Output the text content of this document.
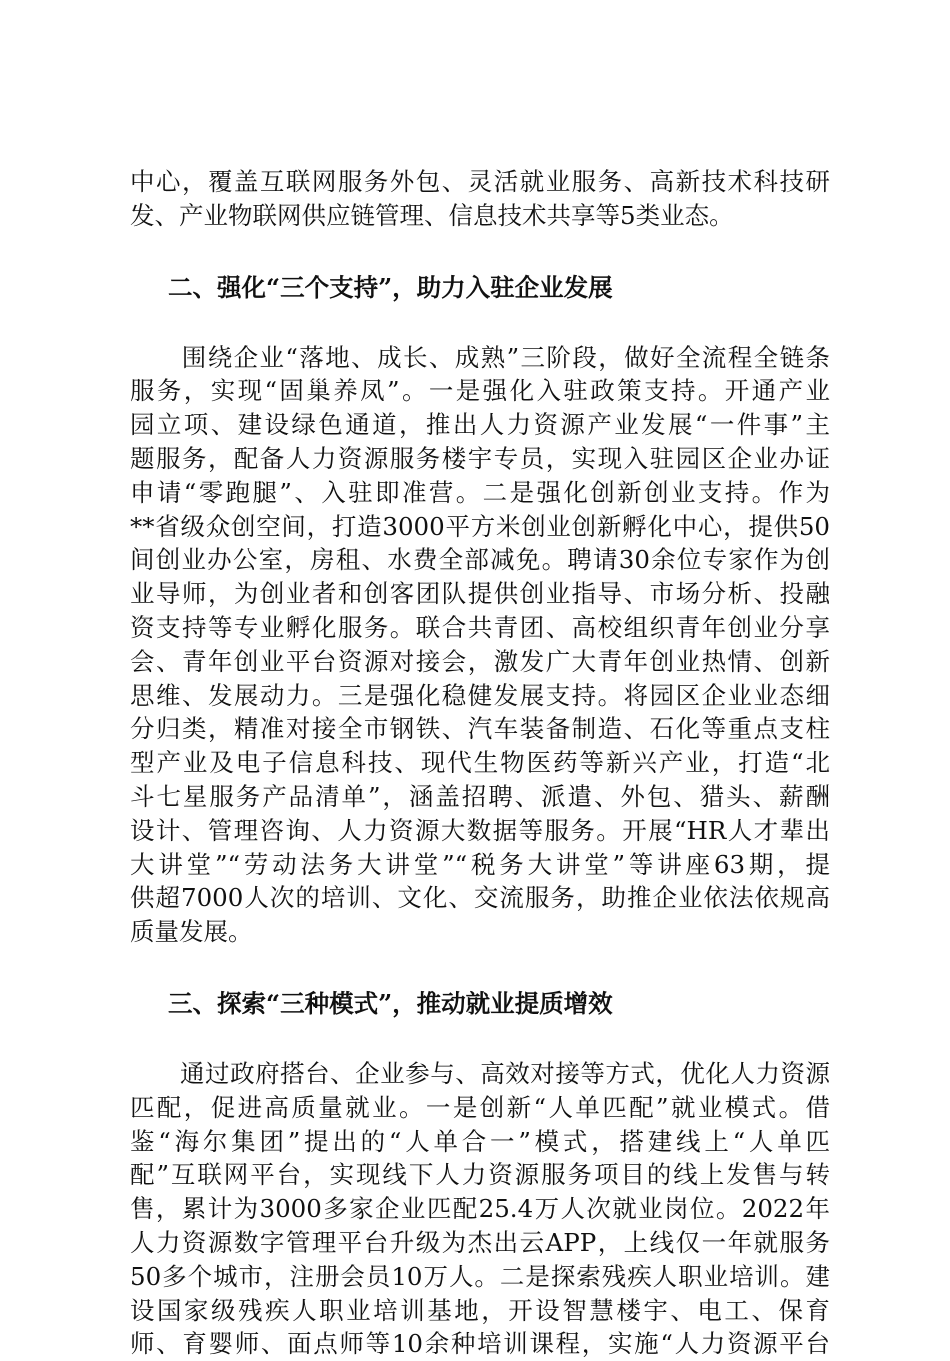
中心，覆盖互联网服务外包、灵活就业服务、高新技术科技研
发、产业物联网供应链管理、信息技术共享等5类业态。
二、强化“三个支持”，助力入驻企业发展
　　围绕企业“落地、成长、成熟”三阶段，做好全流程全链条
服务，实现“固巢养凤”。一是强化入驻政策支持。开通产业
园立项、建设绿色通道，推出人力资源产业发展“一件事”主
题服务，配备人力资源服务楼宇专员，实现入驻园区企业办证
申请“零跑腿”、入驻即准营。二是强化创新创业支持。作为
**省级众创空间，打造3000平方米创业创新孵化中心，提供50
间创业办公室，房租、水费全部减免。聘请30余位专家作为创
业导师，为创业者和创客团队提供创业指导、市场分析、投融
资支持等专业孵化服务。联合共青团、高校组织青年创业分享
会、青年创业平台资源对接会，激发广大青年创业热情、创新
思维、发展动力。三是强化稳健发展支持。将园区企业业态细
分归类，精准对接全市钢铁、汽车装备制造、石化等重点支柱
型产业及电子信息科技、现代生物医药等新兴产业，打造“北
斗七星服务产品清单”，涵盖招聘、派遣、外包、猎头、薪酬
设计、管理咨询、人力资源大数据等服务。开展“HR人才辈出
大讲堂”“劳动法务大讲堂”“税务大讲堂”等讲座63期，提
供超7000人次的培训、文化、交流服务，助推企业依法依规高
质量发展。
三、探索“三种模式”，推动就业提质增效
　　通过政府搭台、企业参与、高效对接等方式，优化人力资源
匹配，促进高质量就业。一是创新“人单匹配”就业模式。借
鉴“海尔集团”提出的“人单合一”模式，搭建线上“人单匹
配”互联网平台，实现线下人力资源服务项目的线上发售与转
售，累计为3000多家企业匹配25.4万人次就业岗位。2022年
人力资源数字管理平台升级为杰出云APP，上线仅一年就服务
50多个城市，注册会员10万人。二是探索残疾人职业培训。建
设国家级残疾人职业培训基地，开设智慧楼宇、电工、保育
师、育婴师、面点师等10余种培训课程，实施“人力资源平台
